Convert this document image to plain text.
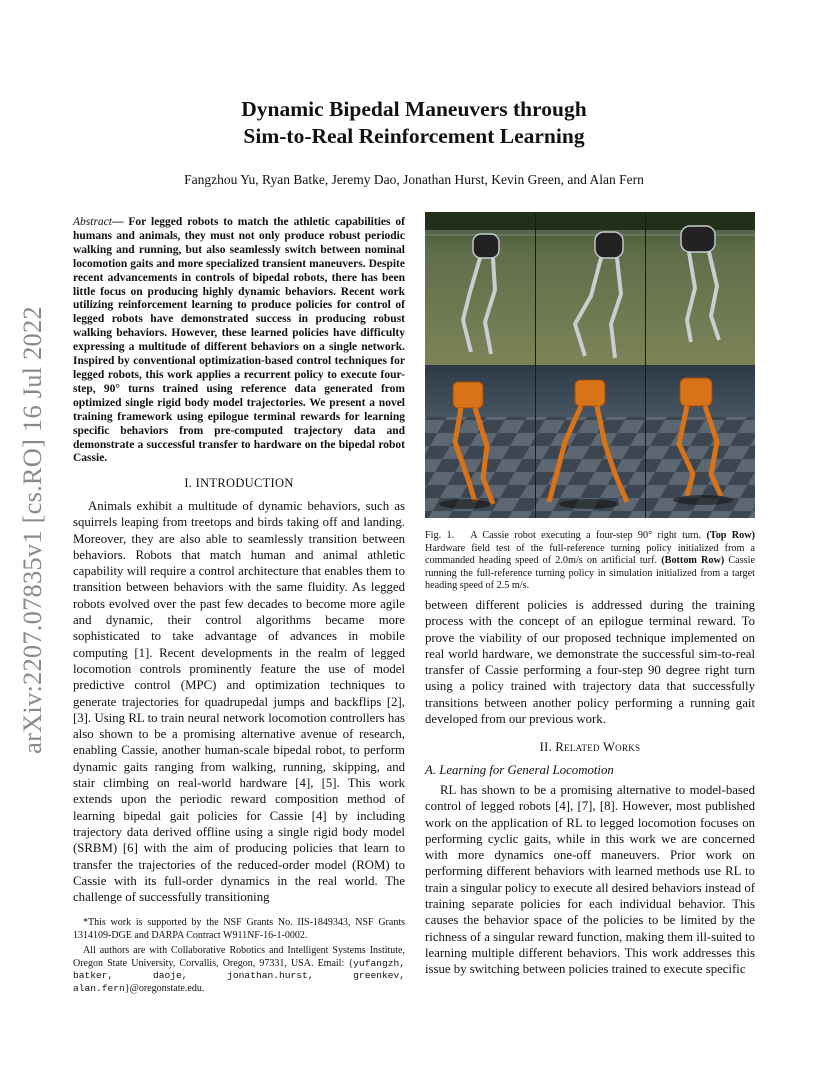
arXiv:2207.07835v1 [cs.RO] 16 Jul 2022
Dynamic Bipedal Maneuvers through
Sim-to-Real Reinforcement Learning
Fangzhou Yu, Ryan Batke, Jeremy Dao, Jonathan Hurst, Kevin Green, and Alan Fern
Abstract— For legged robots to match the athletic capabilities of humans and animals, they must not only produce robust periodic walking and running, but also seamlessly switch between nominal locomotion gaits and more specialized transient maneuvers. Despite recent advancements in controls of bipedal robots, there has been little focus on producing highly dynamic behaviors. Recent work utilizing reinforcement learning to produce policies for control of legged robots have demonstrated success in producing robust walking behaviors. However, these learned policies have difficulty expressing a multitude of different behaviors on a single network. Inspired by conventional optimization-based control techniques for legged robots, this work applies a recurrent policy to execute four-step, 90° turns trained using reference data generated from optimized single rigid body model trajectories. We present a novel training framework using epilogue terminal rewards for learning specific behaviors from pre-computed trajectory data and demonstrate a successful transfer to hardware on the bipedal robot Cassie.
I. INTRODUCTION

Animals exhibit a multitude of dynamic behaviors, such as squirrels leaping from treetops and birds taking off and landing. Moreover, they are also able to seamlessly transition between behaviors. Robots that match human and animal athletic capability will require a control architecture that enables them to transition between behaviors with the same fluidity. As legged robots evolved over the past few decades to become more agile and dynamic, their control algorithms became more sophisticated to take advantage of advances in mobile computing [1]. Recent developments in the realm of legged locomotion controls prominently feature the use of model predictive control (MPC) and optimization techniques to generate trajectories for quadrupedal jumps and backflips [2], [3]. Using RL to train neural network locomotion controllers has also shown to be a promising alternative avenue of research, enabling Cassie, another human-scale bipedal robot, to perform dynamic gaits ranging from walking, running, skipping, and stair climbing on real-world hardware [4], [5]. This work extends upon the periodic reward composition method of learning bipedal gait policies for Cassie [4] by including trajectory data derived offline using a single rigid body model (SRBM) [6] with the aim of producing policies that learn to transfer the trajectories of the reduced-order model (ROM) to Cassie with its full-order dynamics in the real world. The challenge of successfully transitioning

*This work is supported by the NSF Grants No. IIS-1849343, NSF Grants 1314109-DGE and DARPA Contract W911NF-16-1-0002.

All authors are with Collaborative Robotics and Intelligent Systems Institute, Oregon State University, Corvallis, Oregon, 97331, USA. Email: {yufangzh, batker, daoje, jonathan.hurst, greenkev, alan.fern}@oregonstate.edu.

Fig. 1. A Cassie robot executing a four-step 90° right turn. (Top Row) Hardware field test of the full-reference turning policy initialized from a commanded heading speed of 2.0m/s on artificial turf. (Bottom Row) Cassie running the full-reference turning policy in simulation initialized from a target heading speed of 2.5 m/s.

between different policies is addressed during the training process with the concept of an epilogue terminal reward. To prove the viability of our proposed technique implemented on real world hardware, we demonstrate the successful sim-to-real transfer of Cassie performing a four-step 90 degree right turn using a policy trained with trajectory data that successfully transitions between another policy performing a running gait developed from our previous work.

II. Related Works
A. Learning for General Locomotion

RL has shown to be a promising alternative to model-based control of legged robots [4], [7], [8]. However, most published work on the application of RL to legged locomotion focuses on performing cyclic gaits, while in this work we are concerned with more dynamics one-off maneuvers. Prior work on performing different behaviors with learned methods use RL to train a singular policy to execute all desired behaviors instead of training separate policies for each individual behavior. This causes the behavior space of the policies to be limited by the richness of a singular reward function, making them ill-suited to learning multiple different behaviors. This work addresses this issue by switching between policies trained to execute specific
